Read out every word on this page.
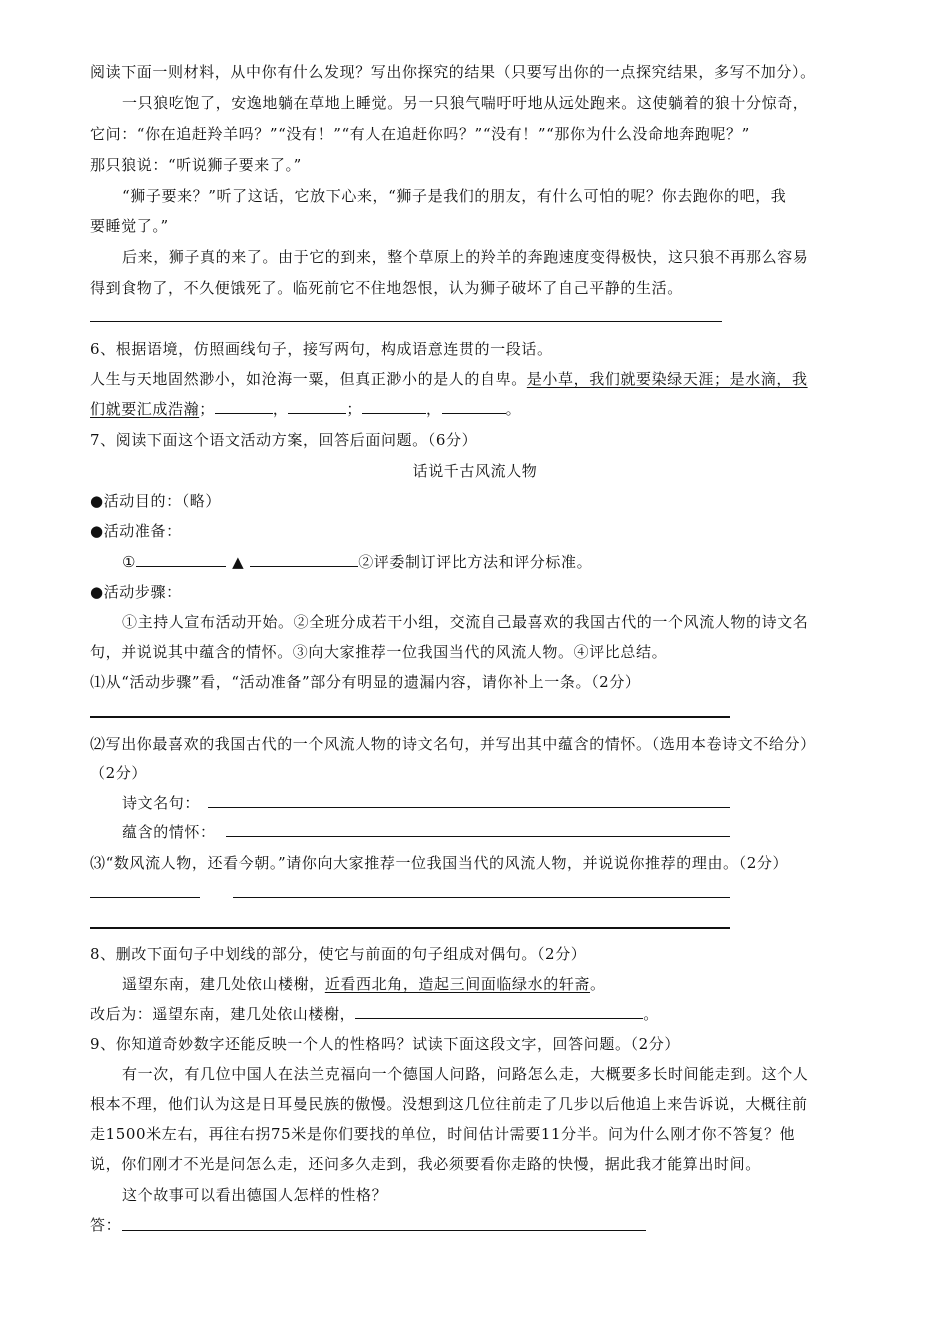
阅读下面一则材料，从中你有什么发现？写出你探究的结果（只要写出你的一点探究结果，多写不加分）。
一只狼吃饱了，安逸地躺在草地上睡觉。另一只狼气喘吁吁地从远处跑来。这使躺着的狼十分惊奇，
它问：“你在追赶羚羊吗？”“没有！”“有人在追赶你吗？”“没有！”“那你为什么没命地奔跑呢？”
那只狼说：“听说狮子要来了。”
“狮子要来？”听了这话，它放下心来，“狮子是我们的朋友，有什么可怕的呢？你去跑你的吧，我
要睡觉了。”
后来，狮子真的来了。由于它的到来，整个草原上的羚羊的奔跑速度变得极快，这只狼不再那么容易
得到食物了，不久便饿死了。临死前它不住地怨恨，认为狮子破坏了自己平静的生活。
6、根据语境，仿照画线句子，接写两句，构成语意连贯的一段话。
人生与天地固然渺小，如沧海一粟，但真正渺小的是人的自卑。是小草，我们就要染绿天涯；是水滴，我
们就要汇成浩瀚；	，	；	，	。
7、阅读下面这个语文活动方案，回答后面问题。（6分）
话说千古风流人物
●活动目的：（略）
●活动准备：
①	▲	②评委制订评比方法和评分标准。
●活动步骤：
①主持人宣布活动开始。②全班分成若干小组，交流自己最喜欢的我国古代的一个风流人物的诗文名
句，并说说其中蕴含的情怀。③向大家推荐一位我国当代的风流人物。④评比总结。
⑴从“活动步骤”看，“活动准备”部分有明显的遗漏内容，请你补上一条。（2分）
⑵写出你最喜欢的我国古代的一个风流人物的诗文名句，并写出其中蕴含的情怀。（选用本卷诗文不给分）
（2分）
诗文名句：
蕴含的情怀：
⑶“数风流人物，还看今朝。”请你向大家推荐一位我国当代的风流人物，并说说你推荐的理由。（2分）
8、删改下面句子中划线的部分，使它与前面的句子组成对偶句。（2分）
遥望东南，建几处依山楼榭，近看西北角，造起三间面临绿水的轩斋。
改后为：遥望东南，建几处依山楼榭，	。
9、你知道奇妙数字还能反映一个人的性格吗？试读下面这段文字，回答问题。（2分）
有一次，有几位中国人在法兰克福向一个德国人问路，问路怎么走，大概要多长时间能走到。这个人
根本不理，他们认为这是日耳曼民族的傲慢。没想到这几位往前走了几步以后他追上来告诉说，大概往前
走1500米左右，再往右拐75米是你们要找的单位，时间估计需要11分半。问为什么刚才你不答复？他
说，你们刚才不光是问怎么走，还问多久走到，我必须要看你走路的快慢，据此我才能算出时间。
这个故事可以看出德国人怎样的性格？
答：
